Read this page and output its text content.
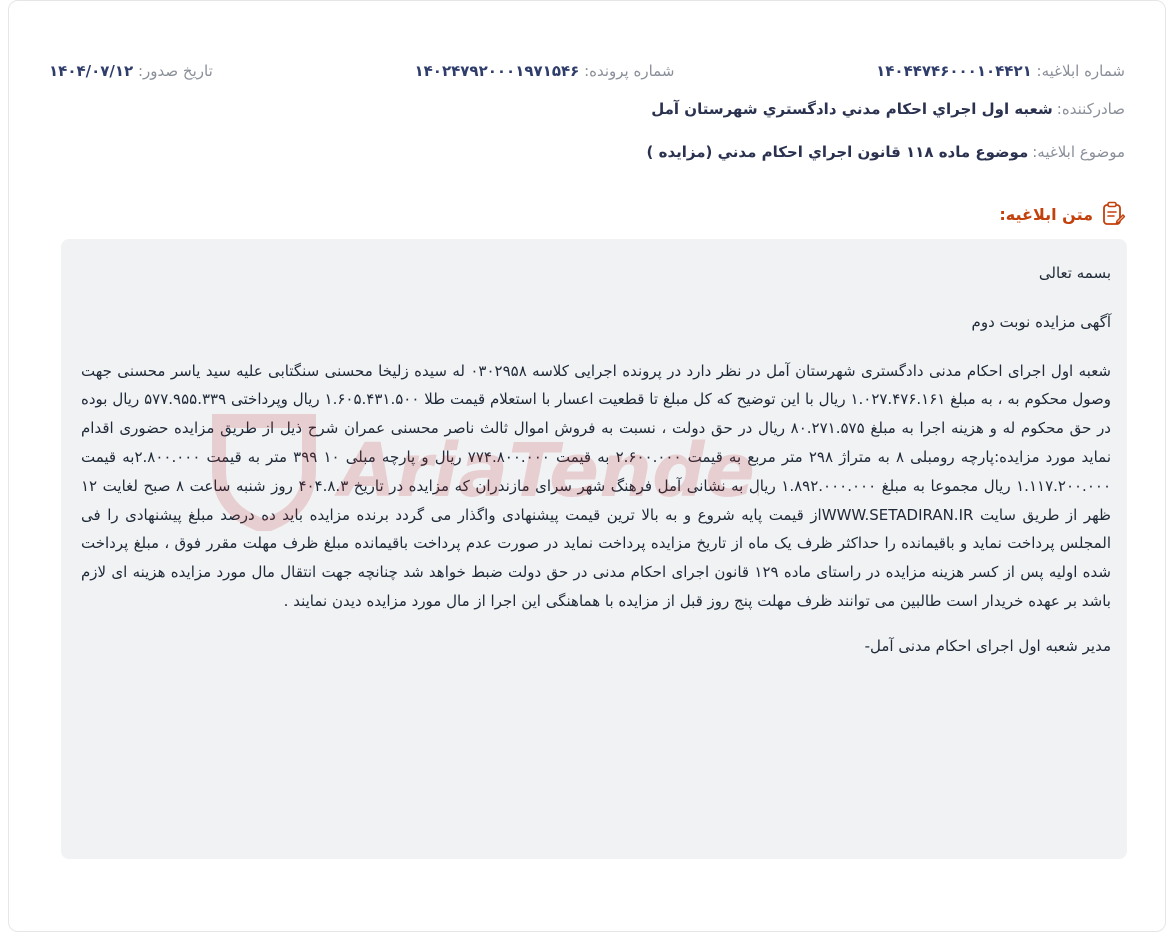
شماره ابلاغیه: ۱۴۰۴۴۷۴۶۰۰۰۱۰۴۴۲۱
شماره پرونده: ۱۴۰۲۴۷۹۲۰۰۰۱۹۷۱۵۴۶
تاریخ صدور: ۱۴۰۴/۰۷/۱۲
صادرکننده:
شعبه اول اجراي احكام مدني دادگستري شهرستان آمل
موضوع ابلاغیه:
موضوع ماده ۱۱۸ قانون اجراي احكام مدني (مزايده )
متن ابلاغیه:

بسمه تعالی

آگهی مزایده نوبت دوم

شعبه اول اجرای احکام مدنی دادگستری شهرستان آمل در نظر دارد در پرونده اجرایی کلاسه ۰۳۰۲۹۵۸ له سیده زلیخا محسنی سنگتابی علیه سید یاسر محسنی جهت وصول محکوم به ، به مبلغ ۱.۰۲۷.۴۷۶.۱۶۱ ریال با این توضیح که کل مبلغ تا قطعیت اعسار با استعلام قیمت طلا ۱.۶۰۵.۴۳۱.۵۰۰ ریال وپرداختی ۵۷۷.۹۵۵.۳۳۹ ریال بوده در حق محکوم له و هزینه اجرا به مبلغ ۸۰.۲۷۱.۵۷۵ ریال در حق دولت ، نسبت به فروش اموال ثالث ناصر محسنی عمران شرح ذیل از طریق مزایده حضوری اقدام نماید مورد مزایده:پارچه رومبلی ۸ به متراژ ۲۹۸ متر مربع به قیمت ۲.۶۰۰.۰۰۰ به قیمت ۷۷۴.۸۰۰.۰۰۰ ریال و پارچه مبلی ۱۰ ۳۹۹ متر به قیمت ۲.۸۰۰.۰۰۰به قیمت ۱.۱۱۷.۲۰۰.۰۰۰ ریال مجموعا به مبلغ ۱.۸۹۲.۰۰۰.۰۰۰ ریال به نشانی آمل فرهنگ شهر سرای مازندران که مزایده در تاریخ ۴۰۴.۸.۳ روز شنبه ساعت ۸ صبح لغایت ۱۲ ظهر از طریق سایت WWW.SETADIRAN.IRاز قیمت پایه شروع و به بالا ترین قیمت پیشنهادی واگذار می گردد برنده مزایده باید ده درصد مبلغ پیشنهادی را فی المجلس پرداخت نماید و باقیمانده را حداکثر ظرف یک ماه از تاریخ مزایده پرداخت نماید در صورت عدم پرداخت باقیمانده مبلغ ظرف مهلت مقرر فوق ، مبلغ پرداخت شده اولیه پس از کسر هزینه مزایده در راستای ماده ۱۲۹ قانون اجرای احکام مدنی در حق دولت ضبط خواهد شد چنانچه جهت انتقال مال مورد مزایده هزینه ای لازم باشد بر عهده خریدار است طالبین می توانند ظرف مهلت پنج روز قبل از مزایده با هماهنگی این اجرا از مال مورد مزایده دیدن نمایند .

مدیر شعبه اول اجرای احکام مدنی آمل-
